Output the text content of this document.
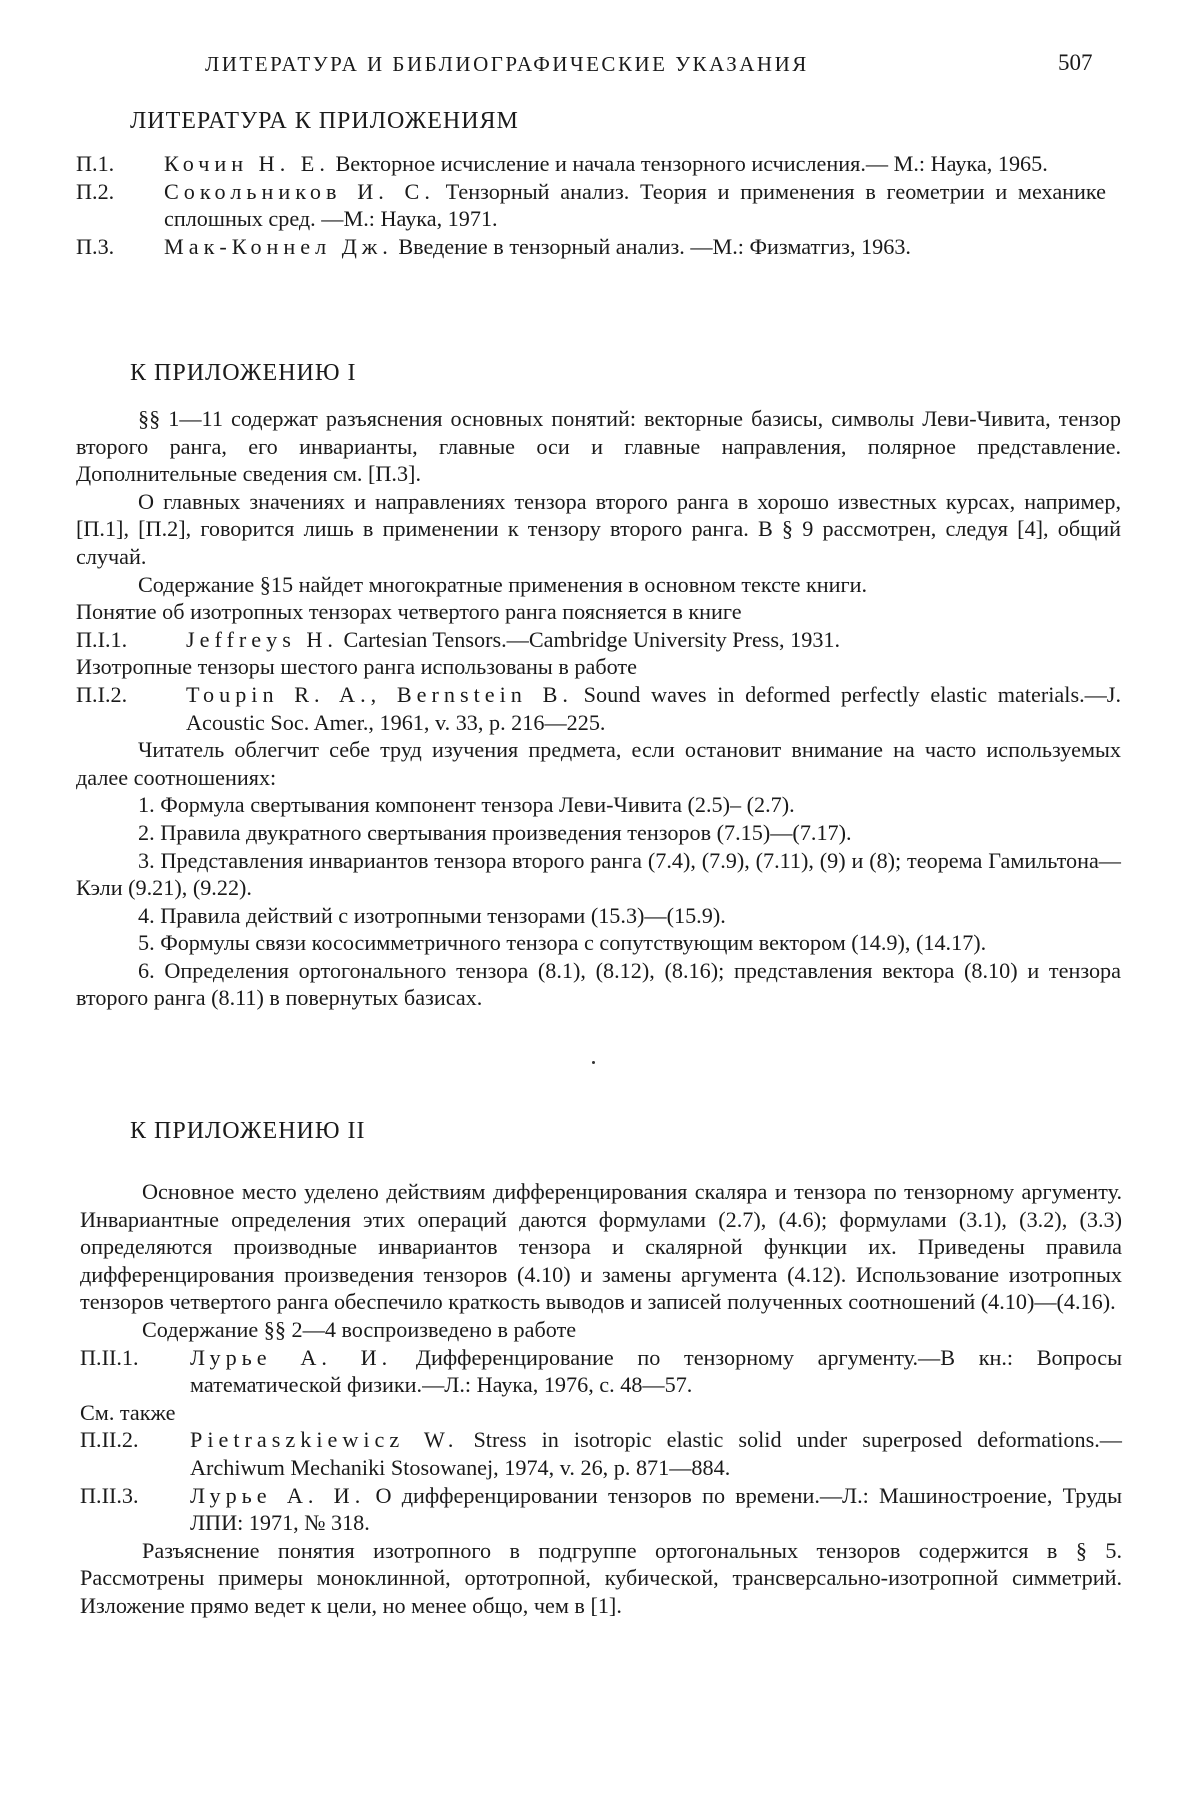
ЛИТЕРАТУРА И БИБЛИОГРАФИЧЕСКИЕ УКАЗАНИЯ	507
ЛИТЕРАТУРА К ПРИЛОЖЕНИЯМ

П.1. Кочин Н. Е. Векторное исчисление и начала тензорного исчисления.— М.: Наука, 1965.

П.2. Сокольников И. С. Тензорный анализ. Теория и применения в геометрии и механике сплошных сред. —М.: Наука, 1971.

П.3. Мак-Коннел Дж. Введение в тензорный анализ. —М.: Физматгиз, 1963.

К ПРИЛОЖЕНИЮ I

§§ 1—11 содержат разъяснения основных понятий: векторные базисы, символы Леви-Чивита, тензор второго ранга, его инварианты, главные оси и главные направления, полярное представление. Дополнительные сведения см. [П.3].

О главных значениях и направлениях тензора второго ранга в хорошо известных курсах, например, [П.1], [П.2], говорится лишь в применении к тензору второго ранга. В § 9 рассмотрен, следуя [4], общий случай.

Содержание §15 найдет многократные применения в основном тексте книги.

Понятие об изотропных тензорах четвертого ранга поясняется в книге

П.I.1.	Jeffreys H. Cartesian Tensors.—Cambridge University Press, 1931.

Изотропные тензоры шестого ранга использованы в работе

П.I.2.	Toupin R. A., Bernstein B. Sound waves in deformed perfectly elastic materials.—J. Acoustic Soc. Amer., 1961, v. 33, p. 216—225.

Читатель облегчит себе труд изучения предмета, если остановит внимание на часто используемых далее соотношениях:

1. Формула свертывания компонент тензора Леви-Чивита (2.5)– (2.7).

2. Правила двукратного свертывания произведения тензоров (7.15)—(7.17).

3. Представления инвариантов тензора второго ранга (7.4), (7.9), (7.11), (9) и (8); теорема Гамильтона—Кэли (9.21), (9.22).

4. Правила действий с изотропными тензорами (15.3)—(15.9).

5. Формулы связи кососимметричного тензора с сопутствующим вектором (14.9), (14.17).

6. Определения ортогонального тензора (8.1), (8.12), (8.16); представления вектора (8.10) и тензора второго ранга (8.11) в повернутых базисах.

К ПРИЛОЖЕНИЮ II

Основное место уделено действиям дифференцирования скаляра и тензора по тензорному аргументу. Инвариантные определения этих операций даются формулами (2.7), (4.6); формулами (3.1), (3.2), (3.3) определяются производные инвариантов тензора и скалярной функции их. Приведены правила дифференцирования произведения тензоров (4.10) и замены аргумента (4.12). Использование изотропных тензоров четвертого ранга обеспечило краткость выводов и записей полученных соотношений (4.10)—(4.16).

Содержание §§ 2—4 воспроизведено в работе

П.II.1. Лурье А. И. Дифференцирование по тензорному аргументу.—В кн.: Вопросы математической физики.—Л.: Наука, 1976, с. 48—57.

См. также

П.II.2. Pietraszkiewicz W. Stress in isotropic elastic solid under superposed deformations.—Archiwum Mechaniki Stosowanej, 1974, v. 26, p. 871—884.

П.II.3. Лурье А. И. О дифференцировании тензоров по времени.—Л.: Машиностроение, Труды ЛПИ: 1971, № 318.

Разъяснение понятия изотропного в подгруппе ортогональных тензоров содержится в § 5. Рассмотрены примеры моноклинной, ортотропной, кубической, трансверсально-изотропной симметрий. Изложение прямо ведет к цели, но менее общо, чем в [1].
